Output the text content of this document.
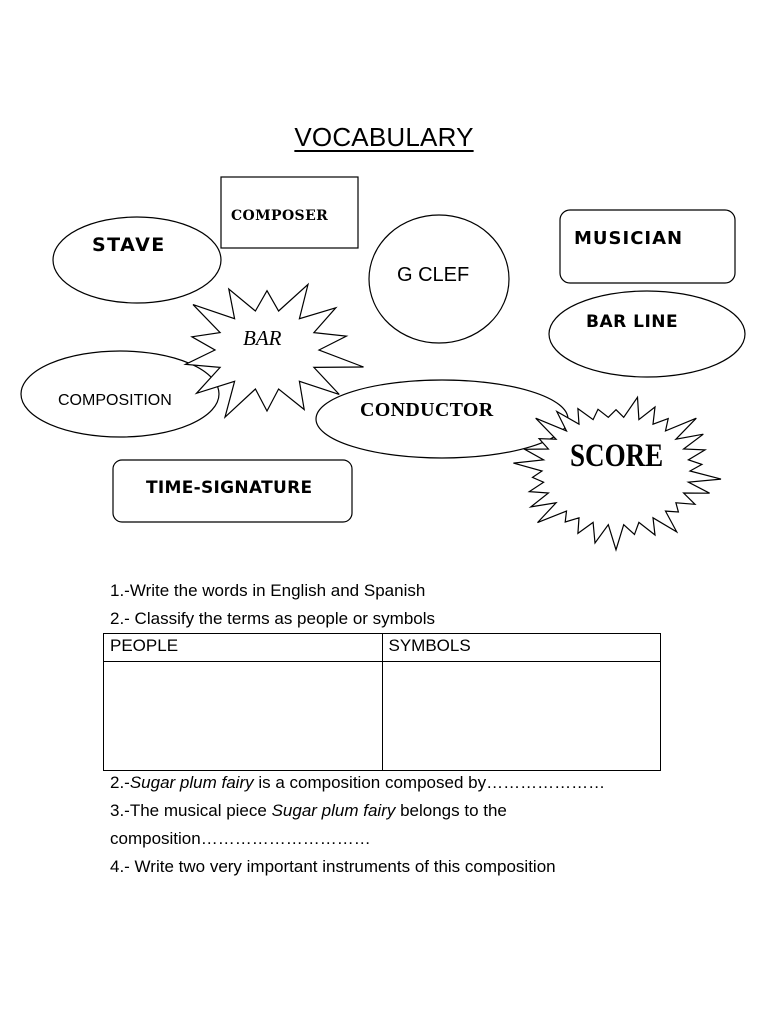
VOCABULARY
COMPOSER
STAVE
G CLEF
MUSICIAN
BAR
BAR LINE
COMPOSITION	CONDUCTOR
SCORE
TIME-SIGNATURE
1.-Write the words in English and Spanish
2.- Classify the terms as people or symbols
PEOPLE	SYMBOLS

2.-Sugar plum fairy is a composition composed by…………………
3.-The musical piece Sugar plum fairy belongs to the
composition…………………………
4.- Write two very important instruments of this composition
